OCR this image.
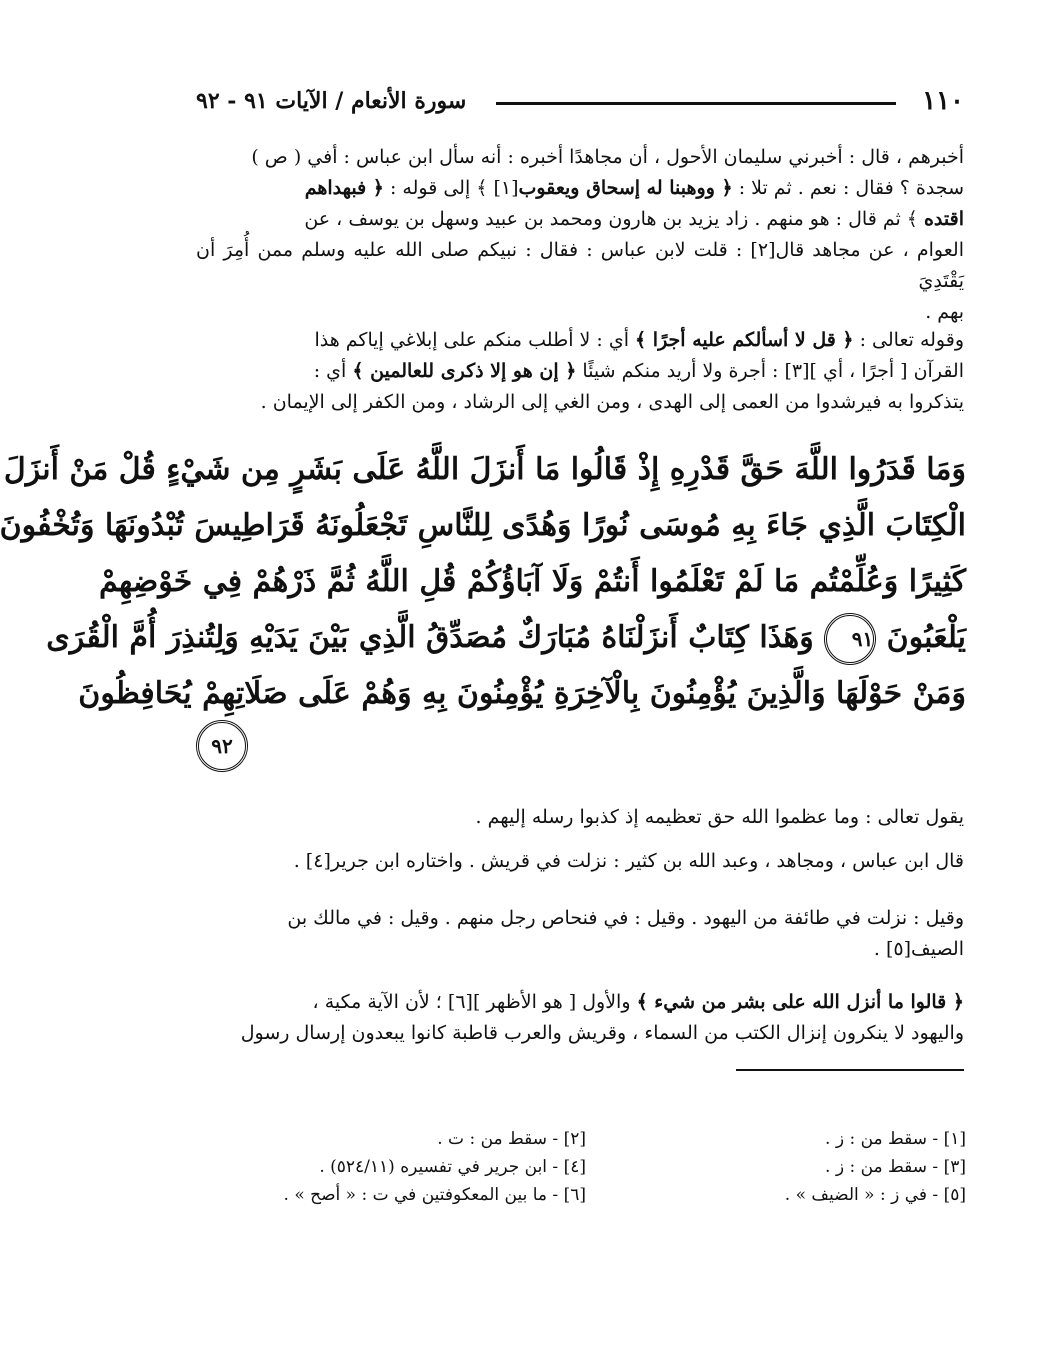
١١٠
سورة الأنعام / الآيات ٩١ - ٩٢
أخبرهم ، قال : أخبرني سليمان الأحول ، أن مجاهدًا أخبره : أنه سأل ابن عباس : أفي ( ص )
سجدة ؟ فقال : نعم . ثم تلا : ﴿ ووهبنا له إسحاق ويعقوب[١] ﴾ إلى قوله : ﴿ فبهداهم
اقتده ﴾ ثم قال : هو منهم . زاد يزيد بن هارون ومحمد بن عبيد وسهل بن يوسف ، عن
العوام ، عن مجاهد قال[٢] : قلت لابن عباس : فقال : نبيكم صلى الله عليه وسلم ممن أُمِرَ أن يَقْتَدِيَ
بهم .
وقوله تعالى : ﴿ قل لا أسألكم عليه أجرًا ﴾ أي : لا أطلب منكم على إبلاغي إياكم هذا
القرآن [ أجرًا ، أي ][٣] : أجرة ولا أريد منكم شيئًا ﴿ إن هو إلا ذكرى للعالمين ﴾ أي :
يتذكروا به فيرشدوا من العمى إلى الهدى ، ومن الغي إلى الرشاد ، ومن الكفر إلى الإيمان .
وَمَا قَدَرُوا اللَّهَ حَقَّ قَدْرِهِ إِذْ قَالُوا مَا أَنزَلَ اللَّهُ عَلَى بَشَرٍ مِن شَيْءٍ قُلْ مَنْ أَنزَلَ
الْكِتَابَ الَّذِي جَاءَ بِهِ مُوسَى نُورًا وَهُدًى لِلنَّاسِ تَجْعَلُونَهُ قَرَاطِيسَ تُبْدُونَهَا وَتُخْفُونَ
كَثِيرًا وَعُلِّمْتُم مَا لَمْ تَعْلَمُوا أَنتُمْ وَلَا آبَاؤُكُمْ قُلِ اللَّهُ ثُمَّ ذَرْهُمْ فِي خَوْضِهِمْ
يَلْعَبُونَ ٩١ وَهَذَا كِتَابٌ أَنزَلْنَاهُ مُبَارَكٌ مُصَدِّقُ الَّذِي بَيْنَ يَدَيْهِ وَلِتُنذِرَ أُمَّ الْقُرَى
وَمَنْ حَوْلَهَا وَالَّذِينَ يُؤْمِنُونَ بِالْآخِرَةِ يُؤْمِنُونَ بِهِ وَهُمْ عَلَى صَلَاتِهِمْ يُحَافِظُونَ
٩٢
يقول تعالى : وما عظموا الله حق تعظيمه إذ كذبوا رسله إليهم .
قال ابن عباس ، ومجاهد ، وعبد الله بن كثير : نزلت في قريش . واختاره ابن جرير[٤] .
وقيل : نزلت في طائفة من اليهود . وقيل : في فنحاص رجل منهم . وقيل : في مالك بن
الصيف[٥] .
﴿ قالوا ما أنزل الله على بشر من شيء ﴾ والأول [ هو الأظهر ][٦] ؛ لأن الآية مكية ،
واليهود لا ينكرون إنزال الكتب من السماء ، وقريش والعرب قاطبة كانوا يبعدون إرسال رسول
[١] - سقط من : ز .
[٢] - سقط من : ت .
[٣] - سقط من : ز .
[٤] - ابن جرير في تفسيره (٥٢٤/١١) .
[٥] - في ز : « الضيف » .
[٦] - ما بين المعكوفتين في ت : « أصح » .
